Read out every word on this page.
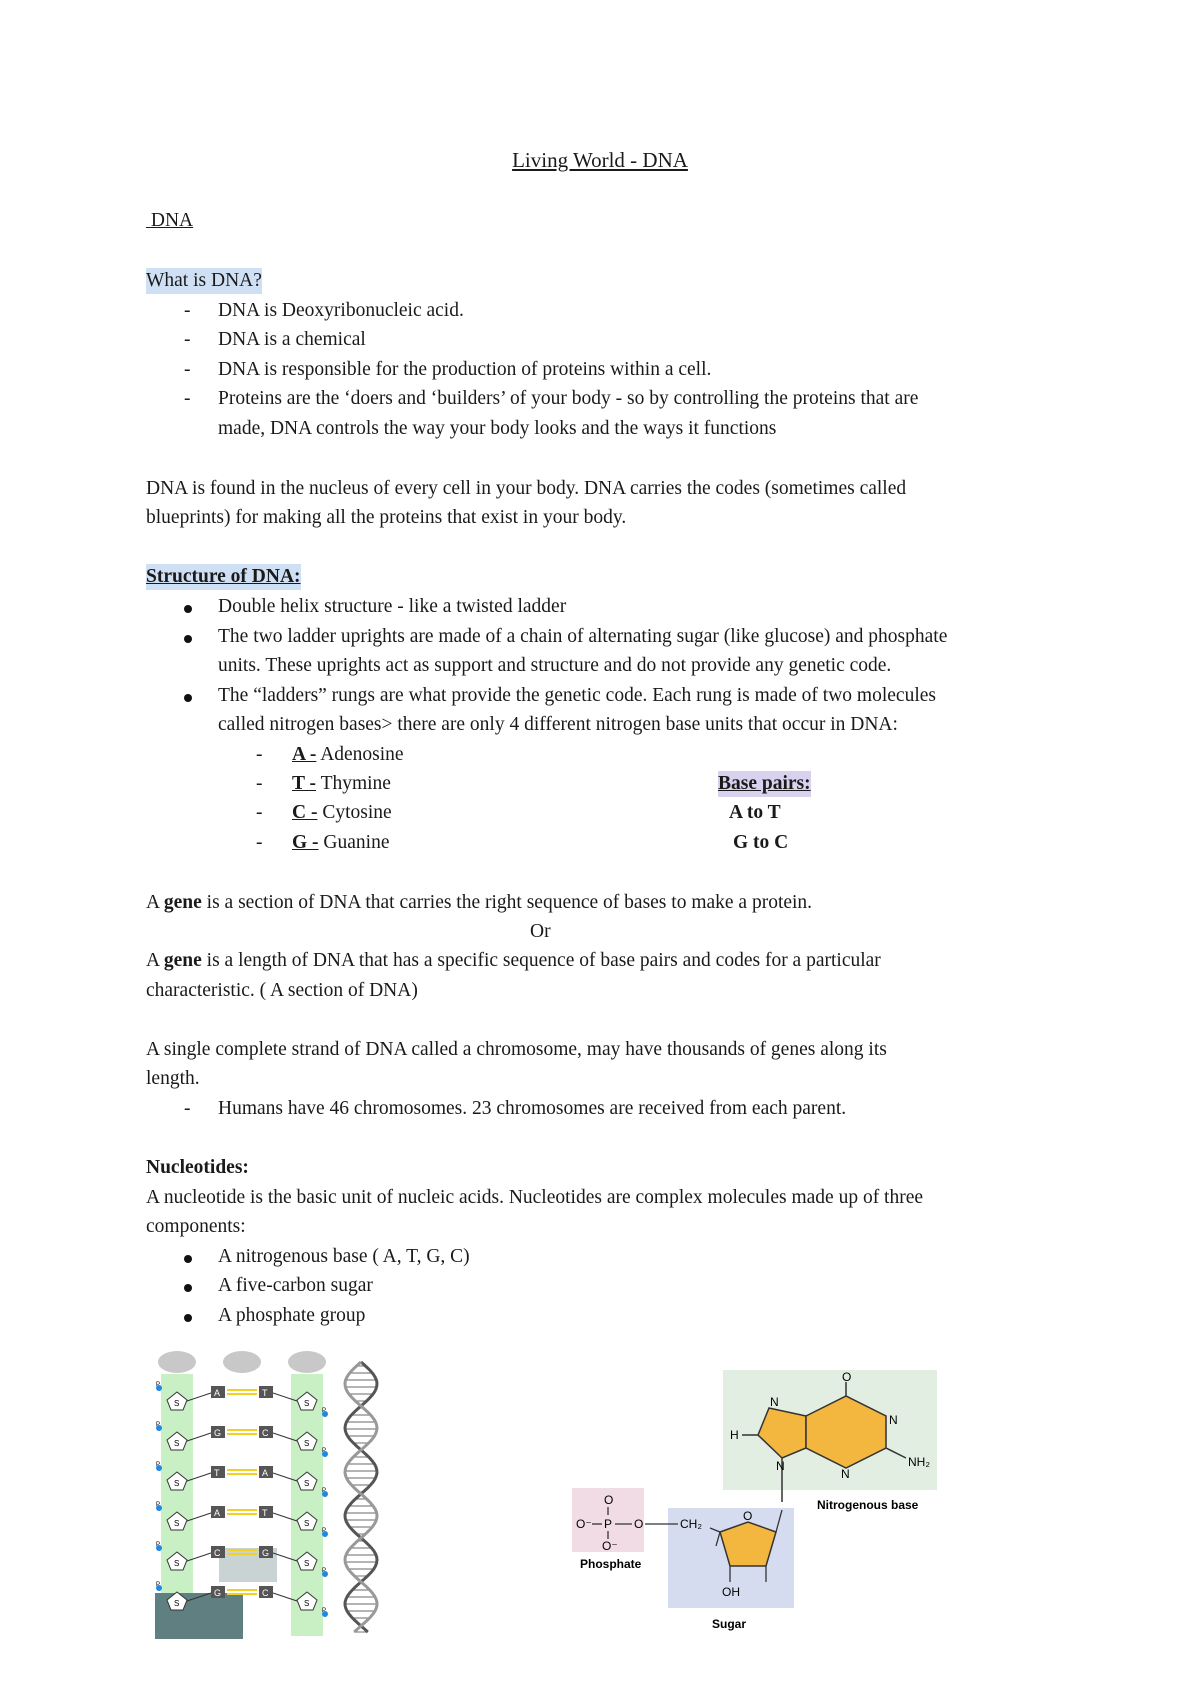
Living World - DNA
DNA
What is DNA?
- DNA is Deoxyribonucleic acid.
- DNA is a chemical
- DNA is responsible for the production of proteins within a cell.
- Proteins are the ‘doers and ‘builders’ of your body - so by controlling the proteins that are
made, DNA controls the way your body looks and the ways it functions
DNA is found in the nucleus of every cell in your body. DNA carries the codes (sometimes called
blueprints) for making all the proteins that exist in your body.
Structure of DNA:
Double helix structure - like a twisted ladder
The two ladder uprights are made of a chain of alternating sugar (like glucose) and phosphate
units. These uprights act as support and structure and do not provide any genetic code.
The “ladders” rungs are what provide the genetic code. Each rung is made of two molecules
called nitrogen bases> there are only 4 different nitrogen base units that occur in DNA:
- A - Adenosine
- T - Thymine
- C - Cytosine
- G - Guanine
Base pairs:
A to T
G to C
A gene is a section of DNA that carries the right sequence of bases to make a protein.
Or
A gene is a length of DNA that has a specific sequence of base pairs and codes for a particular
characteristic. ( A section of DNA)
A single complete strand of DNA called a chromosome, may have thousands of genes along its
length.
- Humans have 46 chromosomes. 23 chromosomes are received from each parent.
Nucleotides:
A nucleotide is the basic unit of nucleic acids. Nucleotides are complex molecules made up of three
components:
A nitrogenous base ( A, T, G, C)
A five-carbon sugar
A phosphate group
S	S
P
P
A	T
S	S
P
P
G	C
S	S
P
P
T	A
S	S
P
P
A	T
S	S
P
P
C	G
S	S
P
P
G	C
O
N
N
N
N
H
NH₂
Nitrogenous base
O
O⁻ P
O⁻
O
Phosphate
CH₂
O
OH
Sugar
